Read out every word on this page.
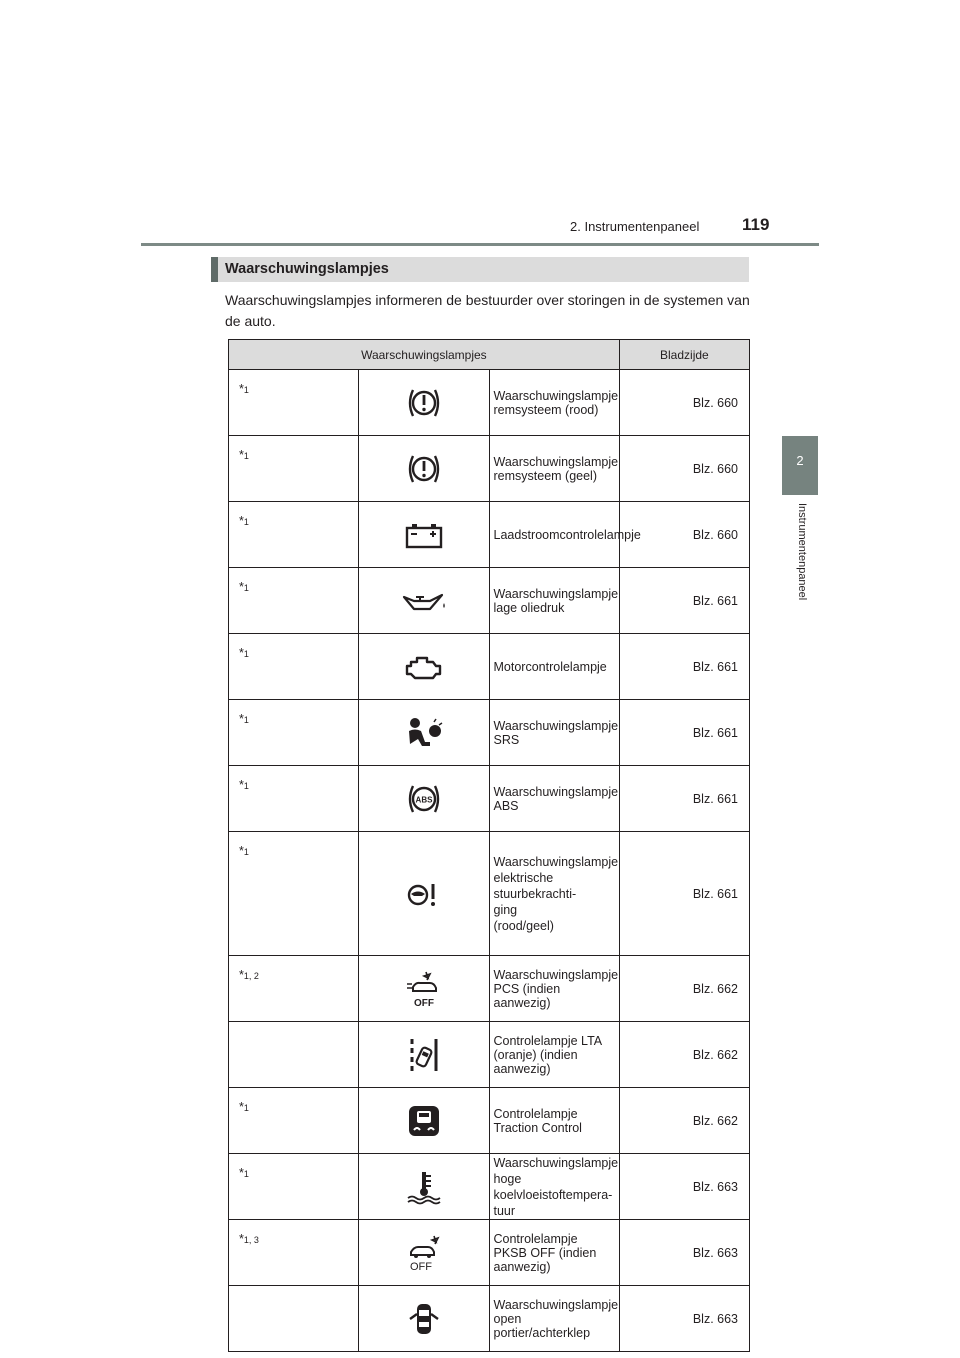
2. Instrumentenpaneel	119
2
Instrumentenpaneel
Waarschuwingslampjes
Waarschuwingslampjes informeren de bestuurder over storingen in de systemen van de auto.
Waarschuwingslampjes			Bladzijde
*1		Waarschuwingslampje remsysteem (rood)	Blz. 660
*1		Waarschuwingslampje remsysteem (geel)	Blz. 660
*1		Laadstroomcontrolelampje	Blz. 660
*1		Waarschuwingslampje lage oliedruk	Blz. 661
*1		Motorcontrolelampje	Blz. 661
*1		Waarschuwingslampje SRS	Blz. 661
*1	ABS	Waarschuwingslampje ABS	Blz. 661
*1		Waarschuwingslampje elektrische stuurbekrachti-
ging
(rood/geel)	Blz. 661
*1, 2	OFF	Waarschuwingslampje PCS (indien aanwezig)	Blz. 662

	Controlelampje LTA (oranje) (indien aanwezig)	Blz. 662
*1		Controlelampje Traction Control	Blz. 662
*1		Waarschuwingslampje hoge koelvloeistoftempera-
tuur	Blz. 663
*1, 3	OFF	Controlelampje PKSB OFF (indien aanwezig)	Blz. 663

	Waarschuwingslampje open portier/achterklep	Blz. 663
